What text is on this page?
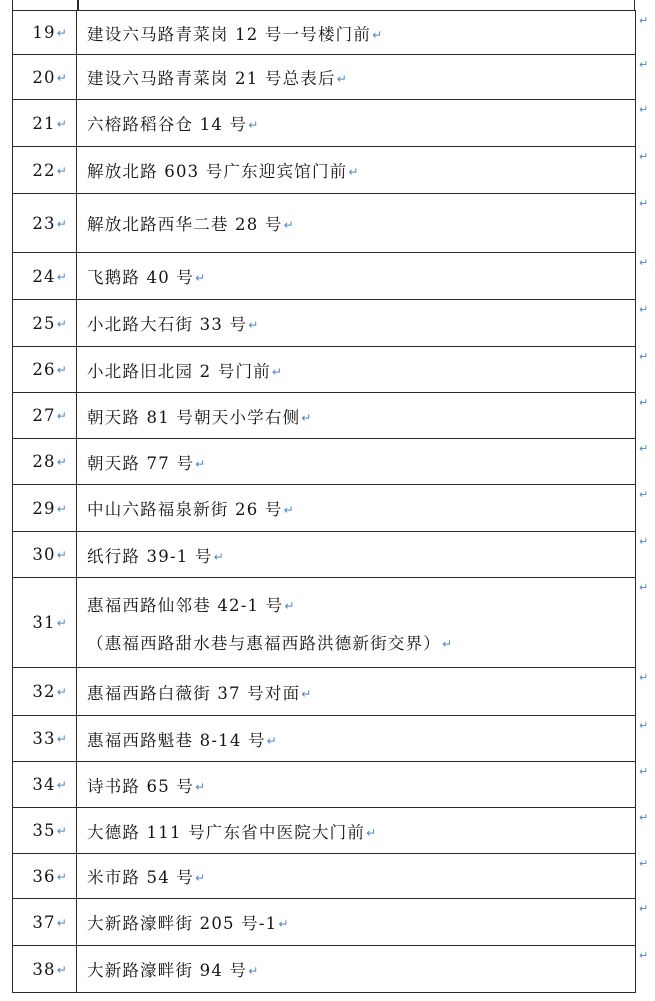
19↵	建设六马路青菜岗 12 号一号楼门前↵

20↵	建设六马路青菜岗 21 号总表后↵

21↵	六榕路稻谷仓 14 号↵

22↵	解放北路 603 号广东迎宾馆门前↵

23↵	解放北路西华二巷 28 号↵

24↵	飞鹅路 40 号↵

25↵	小北路大石街 33 号↵

26↵	小北路旧北园 2 号门前↵

27↵	朝天路 81 号朝天小学右侧↵

28↵	朝天路 77 号↵

29↵	中山六路福泉新街 26 号↵

30↵	纸行路 39-1 号↵

31↵	惠福西路仙邻巷 42-1 号↵
（惠福西路甜水巷与惠福西路洪德新街交界）↵

32↵	惠福西路白薇街 37 号对面↵

33↵	惠福西路魁巷 8-14 号↵

34↵	诗书路 65 号↵

35↵	大德路 111 号广东省中医院大门前↵

36↵	米市路 54 号↵

37↵	大新路濠畔街 205 号-1↵

38↵	大新路濠畔街 94 号↵
↵
↵
↵
↵
↵
↵
↵
↵
↵
↵
↵
↵
↵
↵
↵
↵
↵
↵
↵
↵
